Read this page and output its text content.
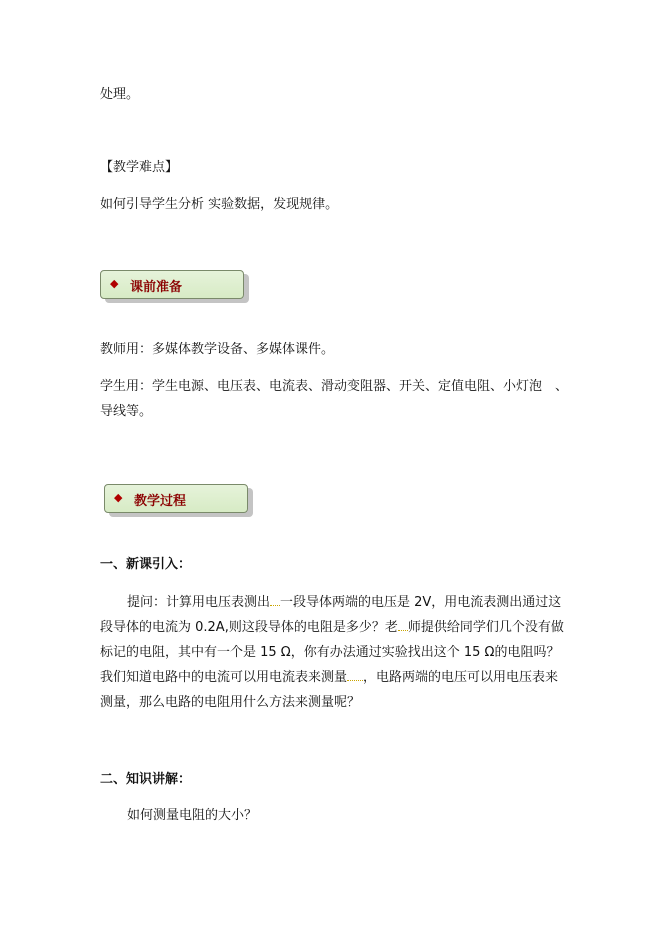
处理。
【教学难点】
如何引导学生分析 实验数据，发现规律。
◆ 课前准备
教师用：多媒体教学设备、多媒体课件。
学生用：学生电源、电压表、电流表、滑动变阻器、开关、定值电阻、小灯泡　、
导线等。
◆ 教学过程
一、新课引入：
提问：计算用电压表测出 一段导体两端的电压是 2V，用电流表测出通过这段导体的电流为 0.2A,则这段导体的电阻是多少？老 师提供给同学们几个没有做标记的电阻，其中有一个是 15 Ω，你有办法通过实验找出这个 15 Ω的电阻吗？我们知道电路中的电流可以用电流表来测量 ，电路两端的电压可以用电压表来测量，那么电路的电阻用什么方法来测量呢？
二、知识讲解：
如何测量电阻的大小？
